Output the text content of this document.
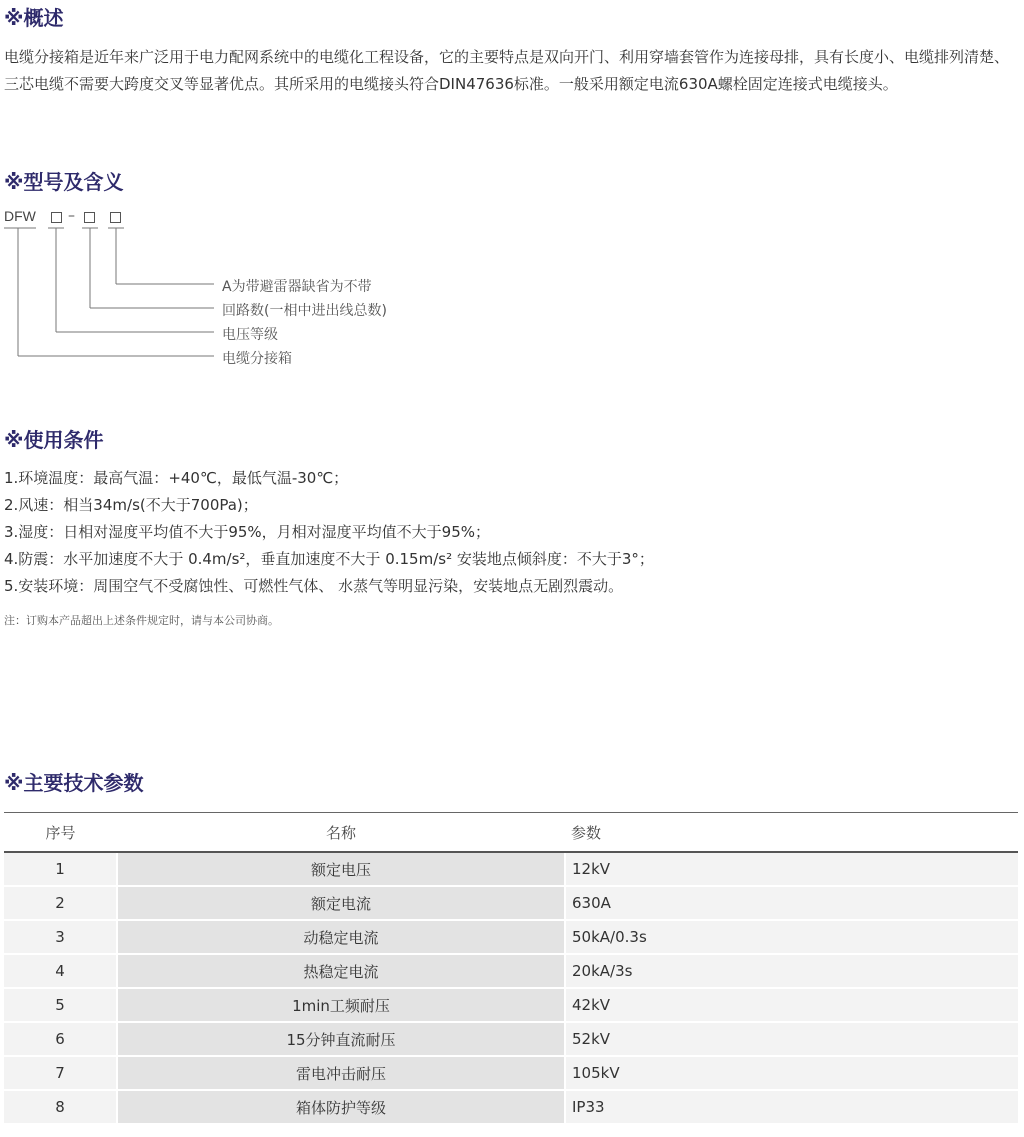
※概述

电缆分接箱是近年来广泛用于电力配网系统中的电缆化工程设备，它的主要特点是双向开门、利用穿墙套管作为连接母排，具有长度小、电缆排列清楚、三芯电缆不需要大跨度交叉等显著优点。其所采用的电缆接头符合DIN47636标准。一般采用额定电流630A螺栓固定连接式电缆接头。

※型号及含义
DFW –
A为带避雷器缺省为不带
回路数(一相中进出线总数)
电压等级
电缆分接箱
※使用条件

1.环境温度：最高气温：+40℃，最低气温-30℃；

2.风速：相当34m/s(不大于700Pa)；

3.湿度：日相对湿度平均值不大于95%，月相对湿度平均值不大于95%；

4.防震：水平加速度不大于 0.4m/s²，垂直加速度不大于 0.15m/s² 安装地点倾斜度：不大于3°；

5.安装环境：周围空气不受腐蚀性、可燃性气体、 水蒸气等明显污染，安装地点无剧烈震动。

注：订购本产品超出上述条件规定时，请与本公司协商。

※主要技术参数
序号	名称	参数
1	额定电压	12kV
2	额定电流	630A
3	动稳定电流	50kA/0.3s
4	热稳定电流	20kA/3s
5	1min工频耐压	42kV
6	15分钟直流耐压	52kV
7	雷电冲击耐压	105kV
8	箱体防护等级	IP33
